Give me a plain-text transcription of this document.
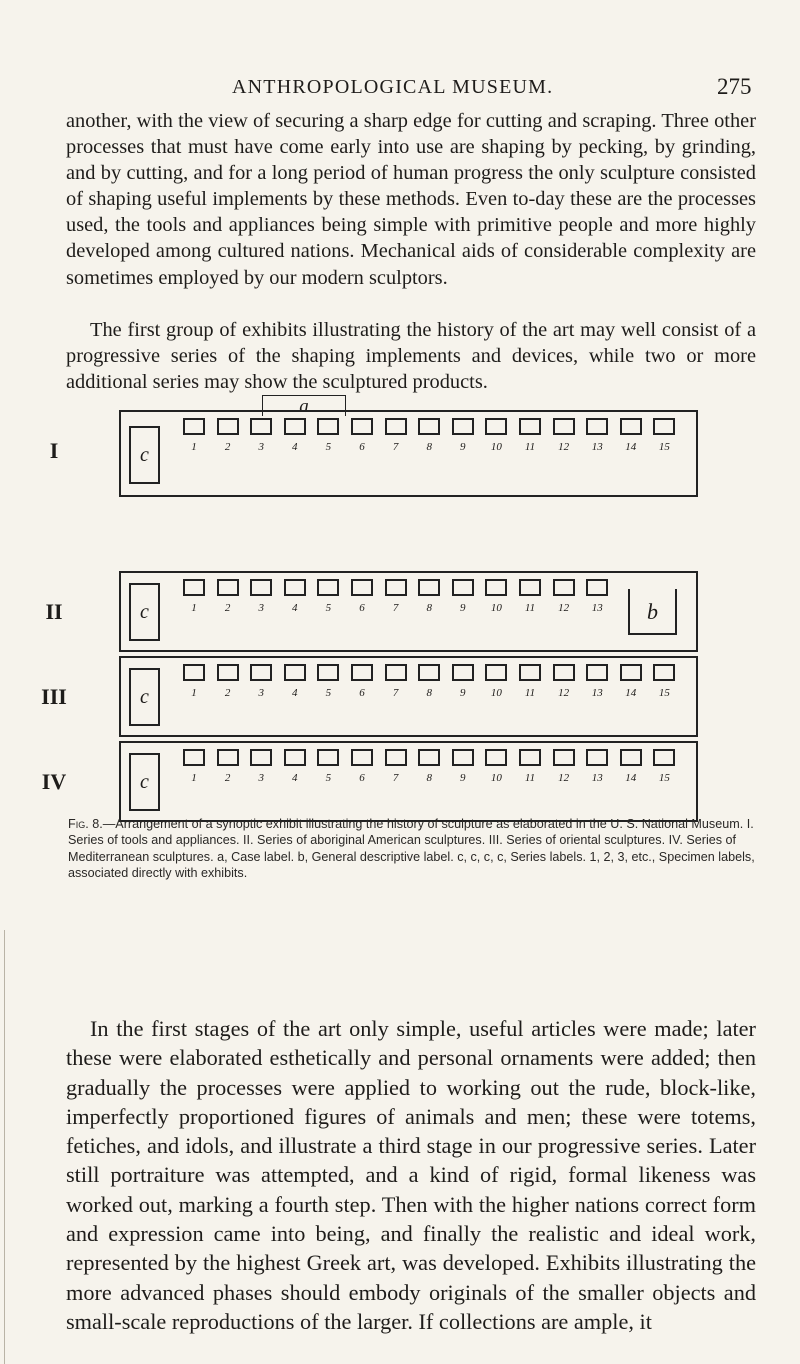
ANTHROPOLOGICAL MUSEUM.	275

another, with the view of securing a sharp edge for cutting and scraping. Three other processes that must have come early into use are shaping by pecking, by grinding, and by cutting, and for a long period of human progress the only sculpture consisted of shaping useful implements by these methods. Even to-day these are the processes used, the tools and appliances being simple with primitive people and more highly developed among cultured nations. Mechanical aids of considerable complexity are sometimes employed by our modern sculptors.

The first group of exhibits illustrating the history of the art may well consist of a progressive series of the shaping implements and devices, while two or more additional series may show the sculptured products.

a
I	c	1	2	3	4	5	6	7	8	9	10	11	12	13	14	15
II	c	1	2	3	4	5	6	7	8	9	10	11	12	13	b
III	c	1	2	3	4	5	6	7	8	9	10	11	12	13	14	15
IV	c	1	2	3	4	5	6	7	8	9	10	11	12	13	14	15

Fig. 8.—Arrangement of a synoptic exhibit illustrating the history of sculpture as elaborated in the U. S. National Museum. I. Series of tools and appliances. II. Series of aboriginal American sculptures. III. Series of oriental sculptures. IV. Series of Mediterranean sculptures. a, Case label. b, General descriptive label. c, c, c, c, Series labels. 1, 2, 3, etc., Specimen labels, associated directly with exhibits.

In the first stages of the art only simple, useful articles were made; later these were elaborated esthetically and personal ornaments were added; then gradually the processes were applied to working out the rude, block-like, imperfectly proportioned figures of animals and men; these were totems, fetiches, and idols, and illustrate a third stage in our progressive series. Later still portraiture was attempted, and a kind of rigid, formal likeness was worked out, marking a fourth step. Then with the higher nations correct form and expression came into being, and finally the realistic and ideal work, represented by the highest Greek art, was developed. Exhibits illustrating the more advanced phases should embody originals of the smaller objects and small-scale reproductions of the larger. If collections are ample, it
